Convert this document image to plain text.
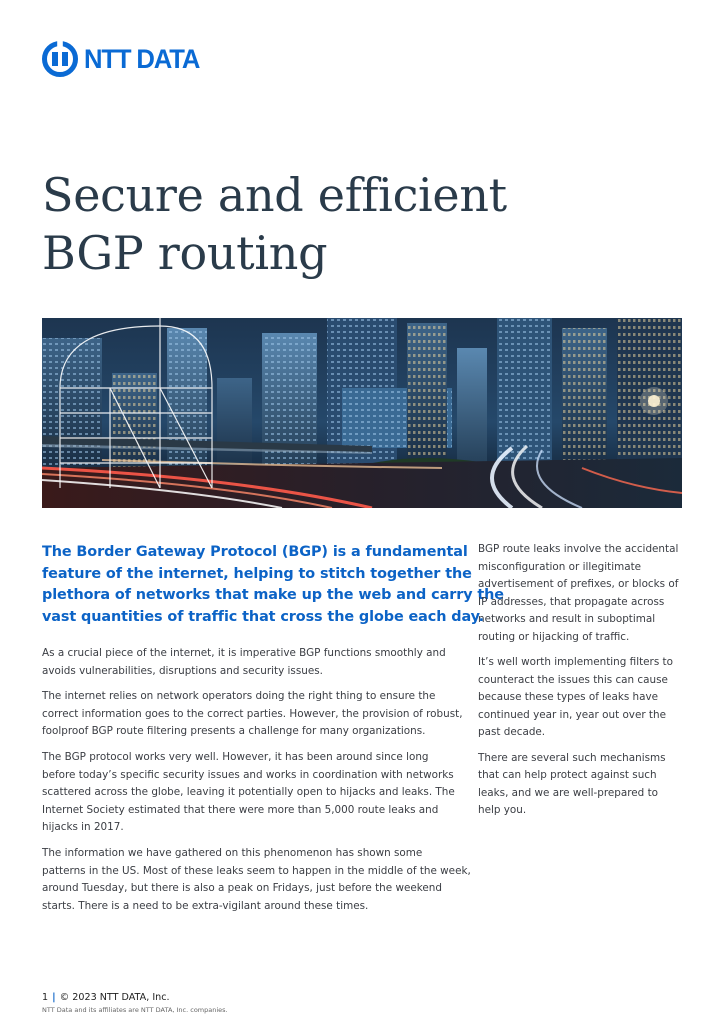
NTT DATA
Secure and efficient
BGP routing

The Border Gateway Protocol (BGP) is a fundamental
feature of the internet, helping to stitch together the
plethora of networks that make up the web and carry the
vast quantities of traffic that cross the globe each day.

As a crucial piece of the internet, it is imperative BGP functions smoothly and
avoids vulnerabilities, disruptions and security issues.

The internet relies on network operators doing the right thing to ensure the
correct information goes to the correct parties. However, the provision of robust,
foolproof BGP route filtering presents a challenge for many organizations.

The BGP protocol works very well. However, it has been around since long
before today’s specific security issues and works in coordination with networks
scattered across the globe, leaving it potentially open to hijacks and leaks. The
Internet Society estimated that there were more than 5,000 route leaks and
hijacks in 2017.

The information we have gathered on this phenomenon has shown some
patterns in the US. Most of these leaks seem to happen in the middle of the week,
around Tuesday, but there is also a peak on Fridays, just before the weekend
starts. There is a need to be extra-vigilant around these times.

BGP route leaks involve the accidental
misconfiguration or illegitimate
advertisement of prefixes, or blocks of
IP addresses, that propagate across
networks and result in suboptimal
routing or hijacking of traffic.

It’s well worth implementing filters to
counteract the issues this can cause
because these types of leaks have
continued year in, year out over the
past decade.

There are several such mechanisms
that can help protect against such
leaks, and we are well-prepared to
help you.

1 | © 2023 NTT DATA, Inc.
NTT Data and its affiliates are NTT DATA, Inc. companies.
